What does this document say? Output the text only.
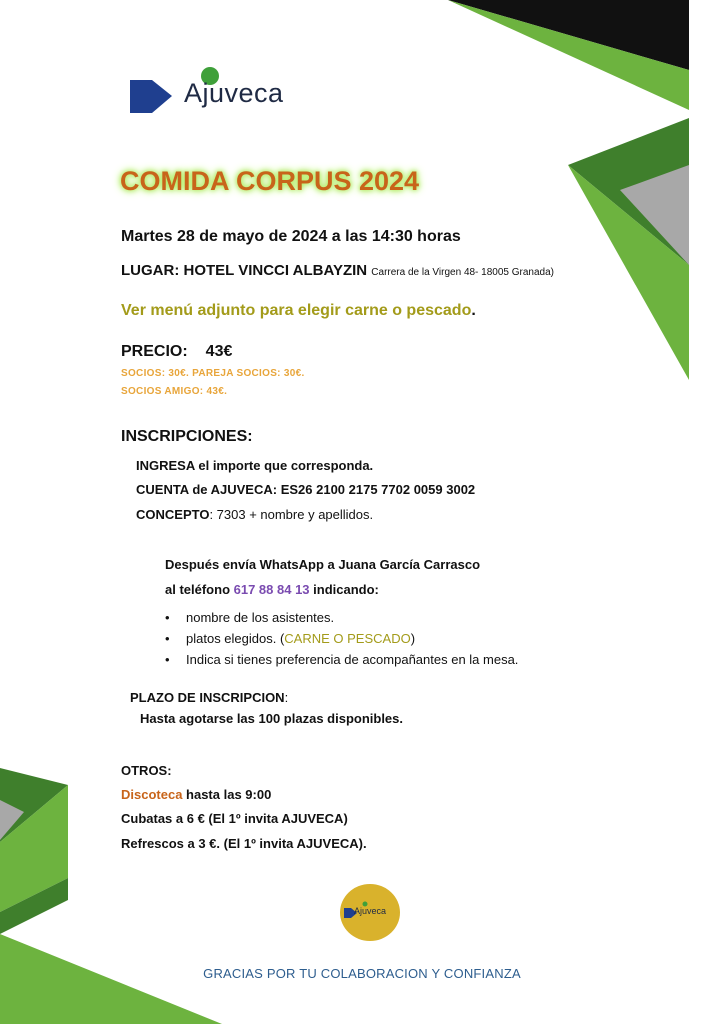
Ajuveca
COMIDA CORPUS 2024
Martes 28 de mayo de 2024 a las 14:30 horas
LUGAR: HOTEL VINCCI ALBAYZIN Carrera de la Virgen 48- 18005 Granada)
Ver menú adjunto para elegir carne o pescado.
PRECIO: 43€
SOCIOS: 30€. PAREJA SOCIOS: 30€.
SOCIOS AMIGO: 43€.
INSCRIPCIONES:
INGRESA el importe que corresponda.
CUENTA de AJUVECA: ES26 2100 2175 7702 0059 3002
CONCEPTO: 7303 + nombre y apellidos.
Después envía WhatsApp a Juana García Carrasco
al teléfono 617 88 84 13 indicando:
• nombre de los asistentes.
• platos elegidos. (CARNE O PESCADO)
• Indica si tienes preferencia de acompañantes en la mesa.
PLAZO DE INSCRIPCION:
Hasta agotarse las 100 plazas disponibles.
OTROS:
Discoteca hasta las 9:00
Cubatas a 6 € (El 1º invita AJUVECA)
Refrescos a 3 €. (El 1º invita AJUVECA).
Ajuveca
GRACIAS POR TU COLABORACION Y CONFIANZA
